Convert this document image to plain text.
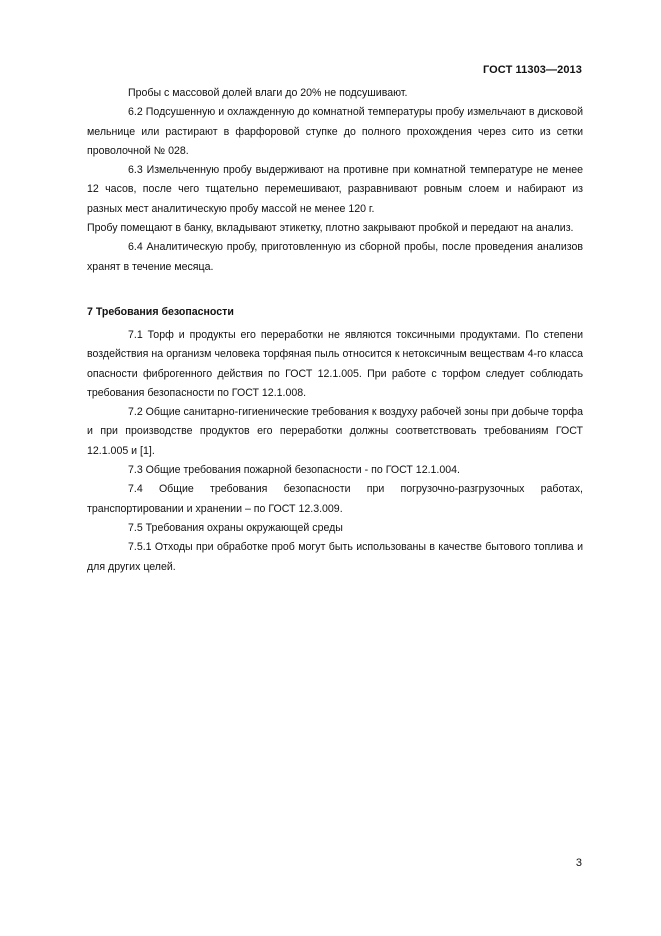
ГОСТ 11303—2013
Пробы с массовой долей влаги до 20% не подсушивают.
6.2 Подсушенную и охлажденную до комнатной температуры пробу измельчают в дисковой мельнице или растирают в фарфоровой ступке до полного прохождения через сито из сетки проволочной № 028.
6.3 Измельченную пробу выдерживают на противне при комнатной температуре не менее 12 часов, после чего тщательно перемешивают, разравнивают ровным слоем и набирают из разных мест аналитическую пробу массой не менее 120 г.
Пробу помещают в банку, вкладывают этикетку, плотно закрывают пробкой и передают на анализ.
6.4 Аналитическую пробу, приготовленную из сборной пробы, после проведения анализов хранят в течение месяца.
7 Требования безопасности
7.1 Торф и продукты его переработки не являются токсичными продуктами. По степени воздействия на организм человека торфяная пыль относится к нетоксичным веществам 4-го класса опасности фиброгенного действия по ГОСТ 12.1.005. При работе с торфом следует соблюдать требования безопасности по ГОСТ 12.1.008.
7.2 Общие санитарно-гигиенические требования к воздуху рабочей зоны при добыче торфа и при производстве продуктов его переработки должны соответствовать требованиям ГОСТ 12.1.005 и [1].
7.3 Общие требования пожарной безопасности - по ГОСТ 12.1.004.
7.4 Общие требования безопасности при погрузочно-разгрузочных работах, транспортировании и хранении – по ГОСТ 12.3.009.
7.5 Требования охраны окружающей среды
7.5.1 Отходы при обработке проб могут быть использованы в качестве бытового топлива и для других целей.
3
